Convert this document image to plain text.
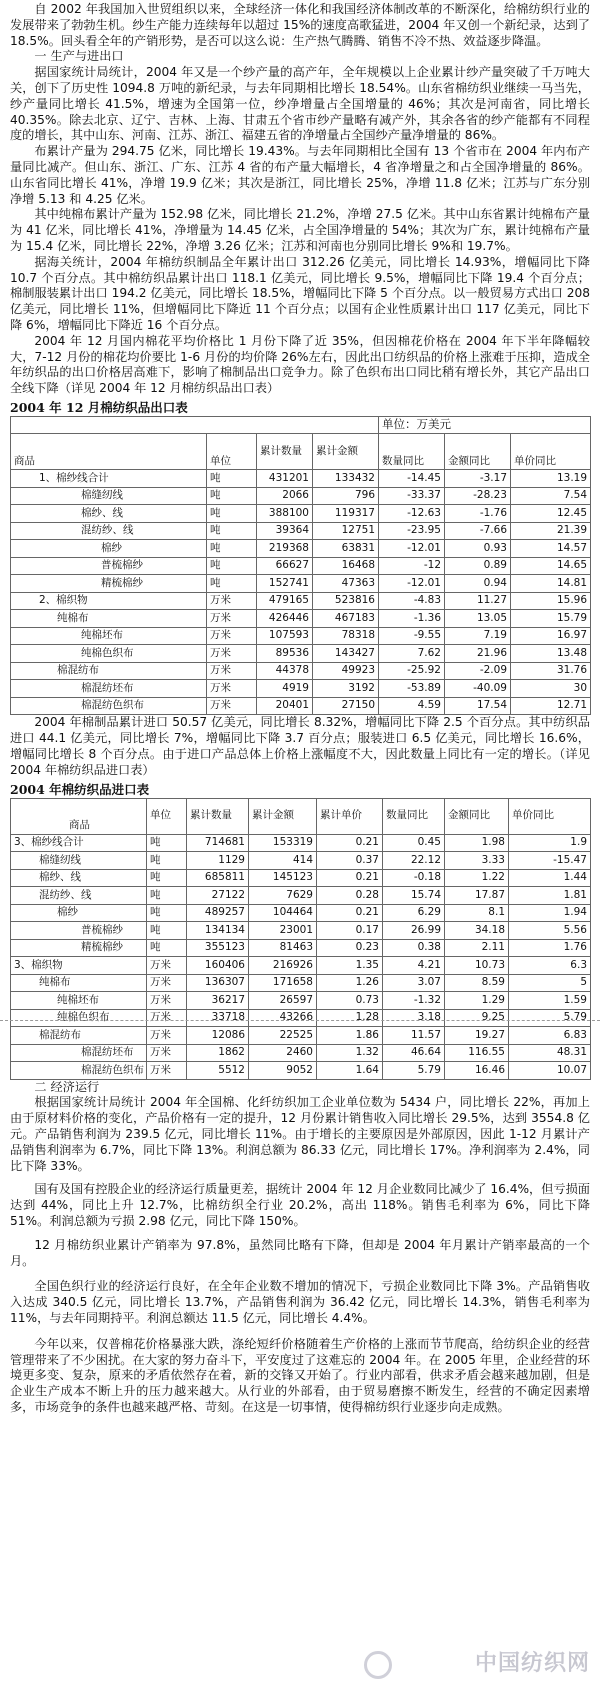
自 2002 年我国加入世贸组织以来，全球经济一体化和我国经济体制改革的不断深化，给棉纺织行业的发展带来了勃勃生机。纱生产能力连续每年以超过 15%的速度高歌猛进，2004 年又创一个新纪录，达到了 18.5%。回头看全年的产销形势，是否可以这么说：生产热气腾腾、销售不冷不热、效益逐步降温。

一 生产与进出口

据国家统计局统计，2004 年又是一个纱产量的高产年，全年规模以上企业累计纱产量突破了千万吨大关，创下了历史性 1094.8 万吨的新纪录，与去年同期相比增长 18.54%。山东省棉纺织业继续一马当先，纱产量同比增长 41.5%，增速为全国第一位，纱净增量占全国增量的 46%；其次是河南省，同比增长 40.35%。除去北京、辽宁、吉林、上海、甘肃五个省市纱产量略有减产外，其余各省的纱产能都有不同程度的增长，其中山东、河南、江苏、浙江、福建五省的净增量占全国纱产量净增量的 86%。

布累计产量为 294.75 亿米，同比增长 19.43%。与去年同期相比全国有 13 个省市在 2004 年内布产量同比减产。但山东、浙江、广东、江苏 4 省的布产量大幅增长，4 省净增量之和占全国净增量的 86%。山东省同比增长 41%，净增 19.9 亿米；其次是浙江，同比增长 25%，净增 11.8 亿米；江苏与广东分别净增 5.13 和 4.25 亿米。

其中纯棉布累计产量为 152.98 亿米，同比增长 21.2%，净增 27.5 亿米。其中山东省累计纯棉布产量为 41 亿米，同比增长 41%，净增量为 14.45 亿米，占全国净增量的 54%；其次为广东，累计纯棉布产量为 15.4 亿米，同比增长 22%，净增 3.26 亿米；江苏和河南也分别同比增长 9%和 19.7%。

据海关统计，2004 年棉纺织制品全年累计出口 312.26 亿美元，同比增长 14.93%，增幅同比下降 10.7 个百分点。其中棉纺织品累计出口 118.1 亿美元，同比增长 9.5%，增幅同比下降 19.4 个百分点；棉制服装累计出口 194.2 亿美元，同比增长 18.5%，增幅同比下降 5 个百分点。以一般贸易方式出口 208 亿美元，同比增长 11%，但增幅同比下降近 11 个百分点；以国有企业性质累计出口 117 亿美元，同比下降 6%，增幅同比下降近 16 个百分点。

2004 年 12 月国内棉花平均价格比 1 月份下降了近 35%，但因棉花价格在 2004 年下半年降幅较大，7-12 月份的棉花均价要比 1-6 月份的均价降 26%左右，因此出口纺织品的价格上涨难于压抑，造成全年纺织品的出口价格居高难下，影响了棉制品出口竞争力。除了色织布出口同比稍有增长外，其它产品出口全线下降（详见 2004 年 12 月棉纺织品出口表）

2004 年 12 月棉纺织品出口表
				单位：万美元		
商品	单位	累计数量	累计金额	数量同比	金额同比	单价同比
1、棉纱线合计	吨	431201	133432	-14.45	-3.17	13.19
棉缝纫线	吨	2066	796	-33.37	-28.23	7.54
棉纱、线	吨	388100	119317	-12.63	-1.76	12.45
混纺纱、线	吨	39364	12751	-23.95	-7.66	21.39
棉纱	吨	219368	63831	-12.01	0.93	14.57
普梳棉纱	吨	66627	16468	-12	0.89	14.65
精梳棉纱	吨	152741	47363	-12.01	0.94	14.81
2、棉织物	万米	479165	523816	-4.83	11.27	15.96
纯棉布	万米	426446	467183	-1.36	13.05	15.79
纯棉坯布	万米	107593	78318	-9.55	7.19	16.97
纯棉色织布	万米	89536	143427	7.62	21.96	13.48
棉混纺布	万米	44378	49923	-25.92	-2.09	31.76
棉混纺坯布	万米	4919	3192	-53.89	-40.09	30
棉混纺色织布	万米	20401	27150	4.59	17.54	12.71

2004 年棉制品累计进口 50.57 亿美元，同比增长 8.32%，增幅同比下降 2.5 个百分点。其中纺织品进口 44.1 亿美元，同比增长 7%，增幅同比下降 3.7 百分点；服装进口 6.5 亿美元，同比增长 16.6%，增幅同比增长 8 个百分点。由于进口产品总体上价格上涨幅度不大，因此数量上同比有一定的增长。（详见 2004 年棉纺织品进口表）

2004 年棉纺织品进口表
商品	单位	累计数量	累计金额	累计单价	数量同比	金额同比	单价同比
3、棉纱线合计	吨	714681	153319	0.21	0.45	1.98	1.9
棉缝纫线	吨	1129	414	0.37	22.12	3.33	-15.47
棉纱、线	吨	685811	145123	0.21	-0.18	1.22	1.44
混纺纱、线	吨	27122	7629	0.28	15.74	17.87	1.81
棉纱	吨	489257	104464	0.21	6.29	8.1	1.94
普梳棉纱	吨	134134	23001	0.17	26.99	34.18	5.56
精梳棉纱	吨	355123	81463	0.23	0.38	2.11	1.76
3、棉织物	万米	160406	216926	1.35	4.21	10.73	6.3
纯棉布	万米	136307	171658	1.26	3.07	8.59	5
纯棉坯布	万米	36217	26597	0.73	-1.32	1.29	1.59
纯棉色织布	万米	33718	43266	1.28	3.18	9.25	5.79
棉混纺布	万米	12086	22525	1.86	11.57	19.27	6.83
棉混纺坯布	万米	1862	2460	1.32	46.64	116.55	48.31
棉混纺色织布	万米	5512	9052	1.64	5.79	16.46	10.07

二 经济运行

根据国家统计局统计 2004 年全国棉、化纤纺织加工企业单位数为 5434 户，同比增长 22%，再加上由于原材料价格的变化，产品价格有一定的提升，12 月份累计销售收入同比增长 29.5%，达到 3554.8 亿元。产品销售利润为 239.5 亿元，同比增长 11%。由于增长的主要原因是外部原因，因此 1-12 月累计产品销售利润率为 6.7%，同比下降 13%。利润总额为 86.33 亿元，同比增长 17%。净利润率为 2.4%，同比下降 33%。

国有及国有控股企业的经济运行质量更差，据统计 2004 年 12 月企业数同比减少了 16.4%，但亏损面达到 44%，同比上升 12.7%，比棉纺织全行业 20.2%，高出 118%。销售毛利率为 6%，同比下降 51%。利润总额为亏损 2.98 亿元，同比下降 150%。

12 月棉纺织业累计产销率为 97.8%，虽然同比略有下降，但却是 2004 年月累计产销率最高的一个月。

全国色织行业的经济运行良好，在全年企业数不增加的情况下，亏损企业数同比下降 3%。产品销售收入达成 340.5 亿元，同比增长 13.7%，产品销售利润为 36.42 亿元，同比增长 14.3%，销售毛利率为 11%，与去年同期持平。利润总额达 11.5 亿元，同比增长 4.4%。

今年以来，仅普棉花价格暴涨大跌，涤纶短纤价格随着生产价格的上涨而节节爬高，给纺织企业的经营管理带来了不少困扰。在大家的努力奋斗下，平安度过了这难忘的 2004 年。在 2005 年里，企业经营的环境更多变、复杂，原来的矛盾依然存在着，新的交锋又开始了。行业内部看，供求矛盾会越来越加剧，但是企业生产成本不断上升的压力越来越大。从行业的外部看，由于贸易磨擦不断发生，经营的不确定因素增多，市场竞争的条件也越来越严格、苛刻。在这是一切事情，使得棉纺织行业逐步向走成熟。

中国纺织网
